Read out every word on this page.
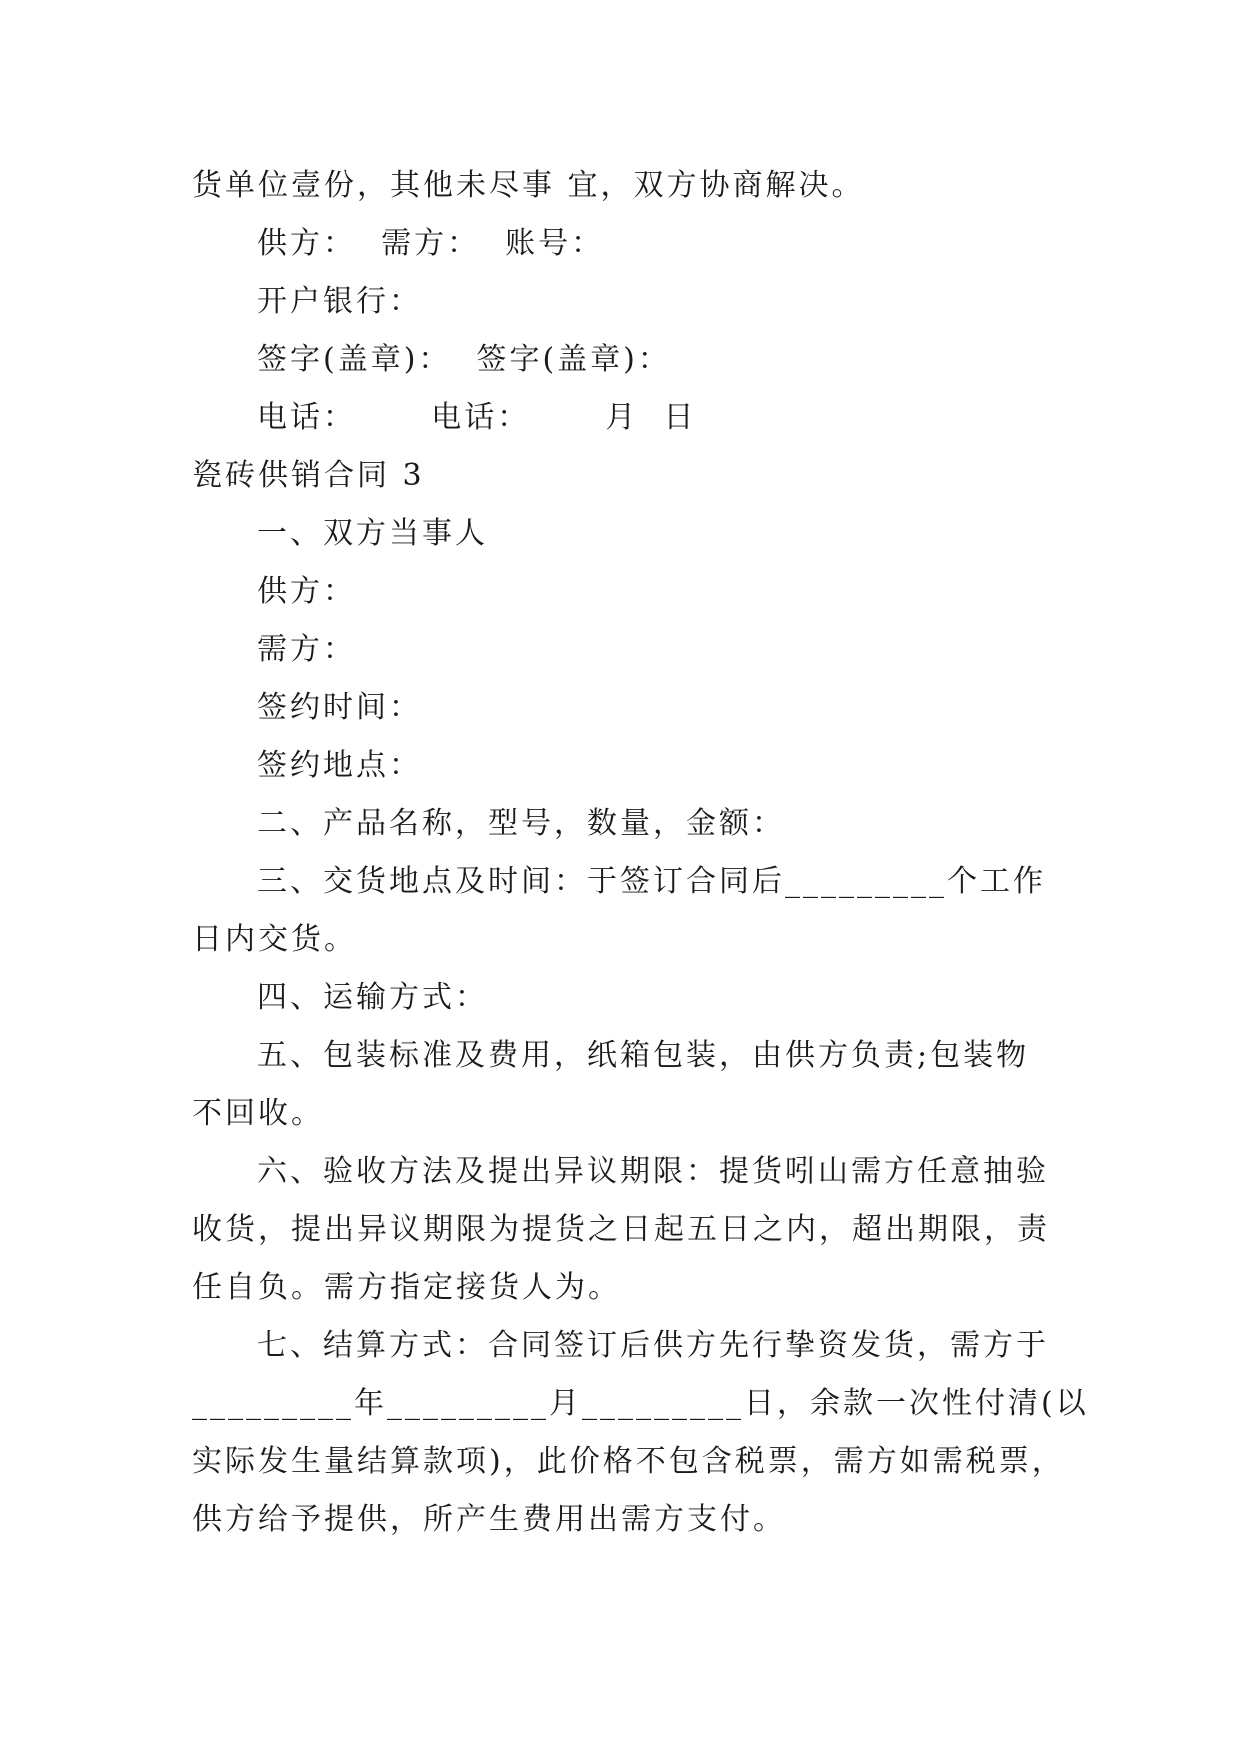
货单位壹份，其他未尽事 宜，双方协商解决。
供方：  需方：  账号：
开户银行：
签字(盖章)：  签字(盖章)：
电话：      电话：      月  日
瓷砖供销合同 3
一、双方当事人
供方：
需方：
签约时间：
签约地点：
二、产品名称，型号，数量，金额：
三、交货地点及时间：于签订合同后_________个工作
日内交货。
四、运输方式：
五、包装标准及费用，纸箱包装，由供方负责;包装物
不回收。
六、验收方法及提出异议期限：提货吲山需方任意抽验
收货，提出异议期限为提货之日起五日之内，超出期限，责
任自负。需方指定接货人为。
七、结算方式：合同签订后供方先行挚资发货，需方于
_________年_________月_________日，余款一次性付清(以
实际发生量结算款项)，此价格不包含税票，需方如需税票，
供方给予提供，所产生费用出需方支付。
